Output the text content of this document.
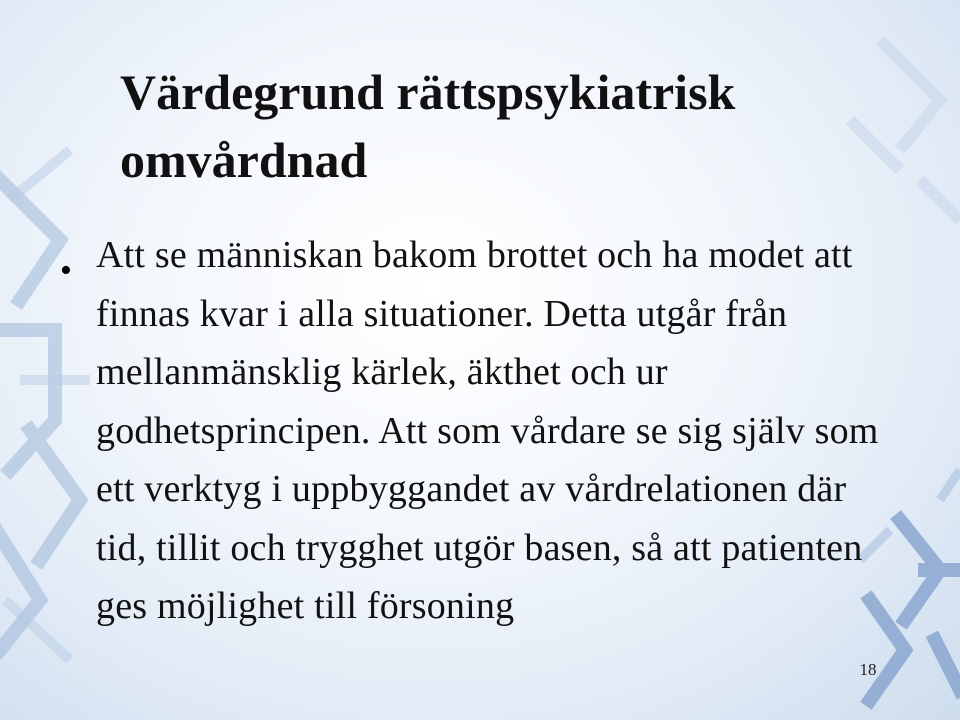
Värdegrund rättspsykiatrisk omvårdnad
• Att se människan bakom brottet och ha modet att finnas kvar i alla situationer. Detta utgår från mellanmänsklig kärlek, äkthet och ur godhetsprincipen. Att som vårdare se sig själv som ett verktyg i uppbyggandet av vårdrelationen där tid, tillit och trygghet utgör basen, så att patienten ges möjlighet till försoning

18
